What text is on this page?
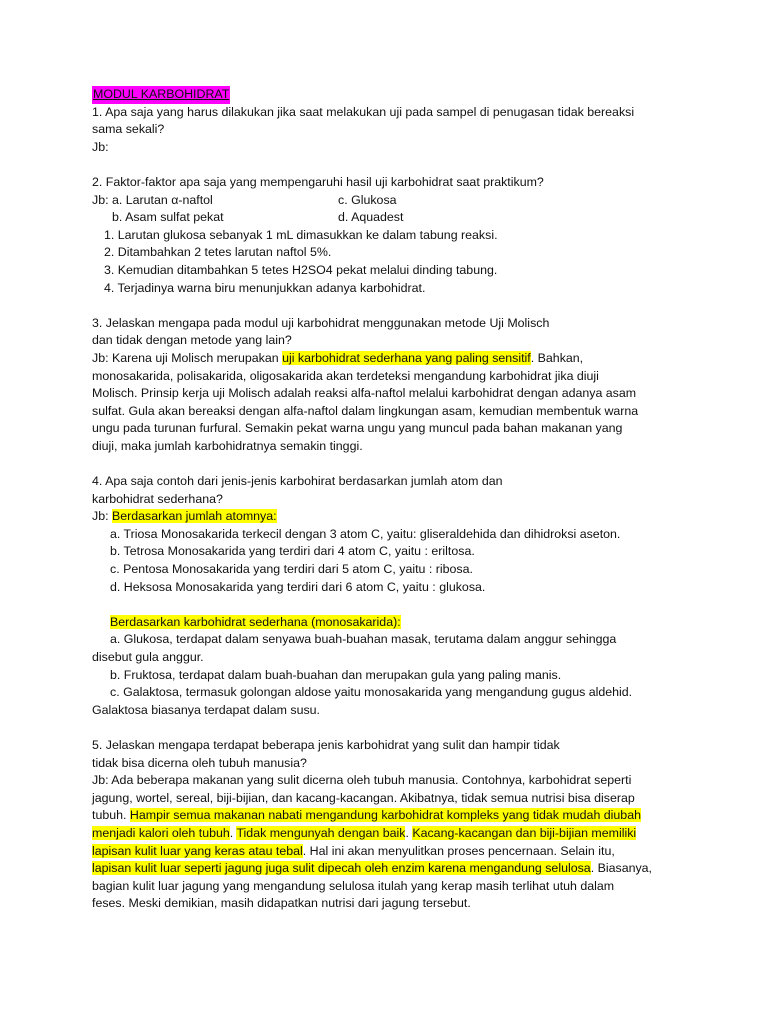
MODUL KARBOHIDRAT
1. Apa saja yang harus dilakukan jika saat melakukan uji pada sampel di penugasan tidak bereaksi
sama sekali?
Jb:
2. Faktor-faktor apa saja yang mempengaruhi hasil uji karbohidrat saat praktikum?
Jb: a. Larutan α-naftol	c. Glukosa
b. Asam sulfat pekat	d. Aquadest
1. Larutan glukosa sebanyak 1 mL dimasukkan ke dalam tabung reaksi.
2. Ditambahkan 2 tetes larutan naftol 5%.
3. Kemudian ditambahkan 5 tetes H2SO4 pekat melalui dinding tabung.
4. Terjadinya warna biru menunjukkan adanya karbohidrat.
3. Jelaskan mengapa pada modul uji karbohidrat menggunakan metode Uji Molisch
dan tidak dengan metode yang lain?
Jb: Karena uji Molisch merupakan uji karbohidrat sederhana yang paling sensitif. Bahkan,
monosakarida, polisakarida, oligosakarida akan terdeteksi mengandung karbohidrat jika diuji
Molisch. Prinsip kerja uji Molisch adalah reaksi alfa-naftol melalui karbohidrat dengan adanya asam
sulfat. Gula akan bereaksi dengan alfa-naftol dalam lingkungan asam, kemudian membentuk warna
ungu pada turunan furfural. Semakin pekat warna ungu yang muncul pada bahan makanan yang
diuji, maka jumlah karbohidratnya semakin tinggi.
4. Apa saja contoh dari jenis-jenis karbohirat berdasarkan jumlah atom dan
karbohidrat sederhana?
Jb: Berdasarkan jumlah atomnya:
a. Triosa Monosakarida terkecil dengan 3 atom C, yaitu: gliseraldehida dan dihidroksi aseton.
b. Tetrosa Monosakarida yang terdiri dari 4 atom C, yaitu : eriltosa.
c. Pentosa Monosakarida yang terdiri dari 5 atom C, yaitu : ribosa.
d. Heksosa Monosakarida yang terdiri dari 6 atom C, yaitu : glukosa.
Berdasarkan karbohidrat sederhana (monosakarida):
a. Glukosa, terdapat dalam senyawa buah-buahan masak, terutama dalam anggur sehingga
disebut gula anggur.
b. Fruktosa, terdapat dalam buah-buahan dan merupakan gula yang paling manis.
c. Galaktosa, termasuk golongan aldose yaitu monosakarida yang mengandung gugus aldehid.
Galaktosa biasanya terdapat dalam susu.
5. Jelaskan mengapa terdapat beberapa jenis karbohidrat yang sulit dan hampir tidak
tidak bisa dicerna oleh tubuh manusia?
Jb: Ada beberapa makanan yang sulit dicerna oleh tubuh manusia. Contohnya, karbohidrat seperti
jagung, wortel, sereal, biji-bijian, dan kacang-kacangan. Akibatnya, tidak semua nutrisi bisa diserap
tubuh. Hampir semua makanan nabati mengandung karbohidrat kompleks yang tidak mudah diubah
menjadi kalori oleh tubuh. Tidak mengunyah dengan baik. Kacang-kacangan dan biji-bijian memiliki
lapisan kulit luar yang keras atau tebal. Hal ini akan menyulitkan proses pencernaan. Selain itu,
lapisan kulit luar seperti jagung juga sulit dipecah oleh enzim karena mengandung selulosa. Biasanya,
bagian kulit luar jagung yang mengandung selulosa itulah yang kerap masih terlihat utuh dalam
feses. Meski demikian, masih didapatkan nutrisi dari jagung tersebut.
